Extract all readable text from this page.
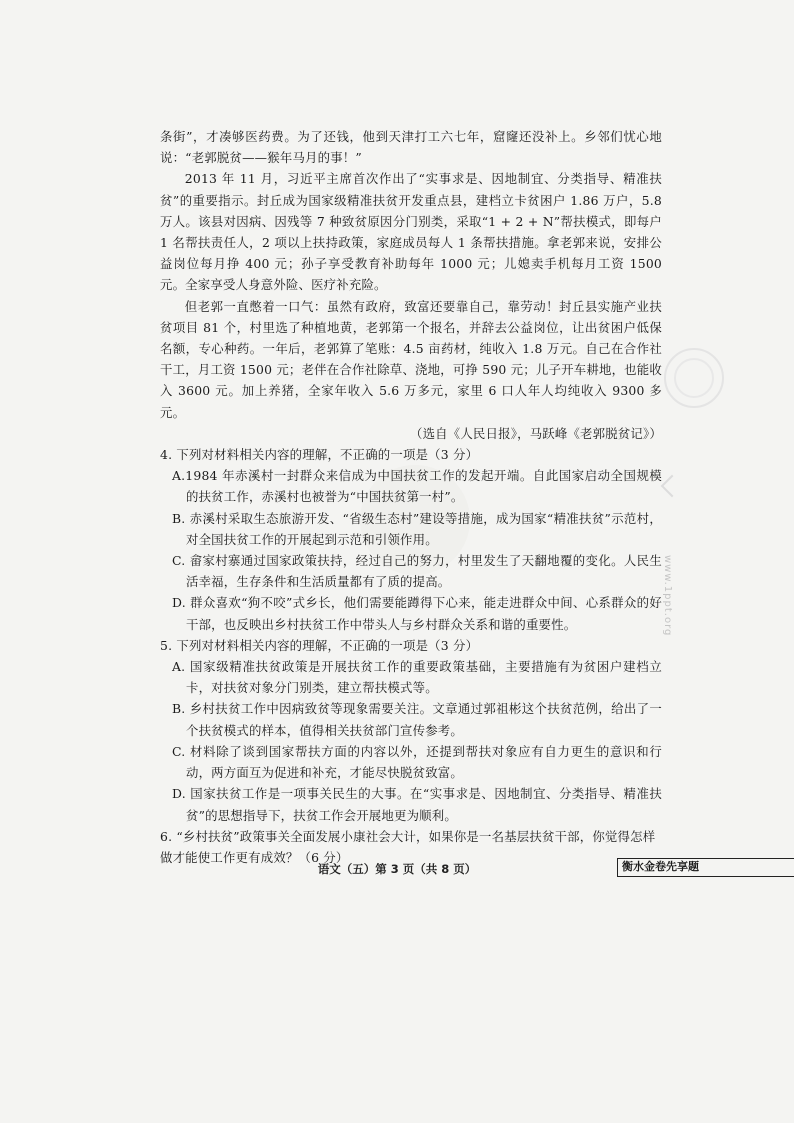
www.1ppt.org

条街”，才凑够医药费。为了还钱，他到天津打工六七年，窟窿还没补上。乡邻们忧心地说：“老郭脱贫——猴年马月的事！”

2013 年 11 月，习近平主席首次作出了“实事求是、因地制宜、分类指导、精准扶贫”的重要指示。封丘成为国家级精准扶贫开发重点县，建档立卡贫困户 1.86 万户，5.8 万人。该县对因病、因残等 7 种致贫原因分门别类，采取“1 + 2 + N”帮扶模式，即每户 1 名帮扶责任人，2 项以上扶持政策，家庭成员每人 1 条帮扶措施。拿老郭来说，安排公益岗位每月挣 400 元；孙子享受教育补助每年 1000 元；儿媳卖手机每月工资 1500 元。全家享受人身意外险、医疗补充险。

但老郭一直憋着一口气：虽然有政府，致富还要靠自己，靠劳动！封丘县实施产业扶贫项目 81 个，村里选了种植地黄，老郭第一个报名，并辞去公益岗位，让出贫困户低保名额，专心种药。一年后，老郭算了笔账：4.5 亩药材，纯收入 1.8 万元。自己在合作社干工，月工资 1500 元；老伴在合作社除草、浇地，可挣 590 元；儿子开车耕地，也能收入 3600 元。加上养猪，全家年收入 5.6 万多元，家里 6 口人年人均纯收入 9300 多元。

（选自《人民日报》，马跃峰《老郭脱贫记》）

4. 下列对材料相关内容的理解，不正确的一项是（3 分）

A.1984 年赤溪村一封群众来信成为中国扶贫工作的发起开端。自此国家启动全国规模的扶贫工作，赤溪村也被誉为“中国扶贫第一村”。

B. 赤溪村采取生态旅游开发、“省级生态村”建设等措施，成为国家“精准扶贫”示范村，对全国扶贫工作的开展起到示范和引领作用。

C. 畲家村寨通过国家政策扶持，经过自己的努力，村里发生了天翻地覆的变化。人民生活幸福，生存条件和生活质量都有了质的提高。

D. 群众喜欢“狗不咬”式乡长，他们需要能蹲得下心来，能走进群众中间、心系群众的好干部，也反映出乡村扶贫工作中带头人与乡村群众关系和谐的重要性。

5. 下列对材料相关内容的理解，不正确的一项是（3 分）

A. 国家级精准扶贫政策是开展扶贫工作的重要政策基础，主要措施有为贫困户建档立卡，对扶贫对象分门别类，建立帮扶模式等。

B. 乡村扶贫工作中因病致贫等现象需要关注。文章通过郭祖彬这个扶贫范例，给出了一个扶贫模式的样本，值得相关扶贫部门宣传参考。

C. 材料除了谈到国家帮扶方面的内容以外，还提到帮扶对象应有自力更生的意识和行动，两方面互为促进和补充，才能尽快脱贫致富。

D. 国家扶贫工作是一项事关民生的大事。在“实事求是、因地制宜、分类指导、精准扶贫”的思想指导下，扶贫工作会开展地更为顺利。

6. “乡村扶贫”政策事关全面发展小康社会大计，如果你是一名基层扶贫干部，你觉得怎样做才能使工作更有成效？（6 分）

语文（五）第 3 页（共 8 页）	衡水金卷先享题
